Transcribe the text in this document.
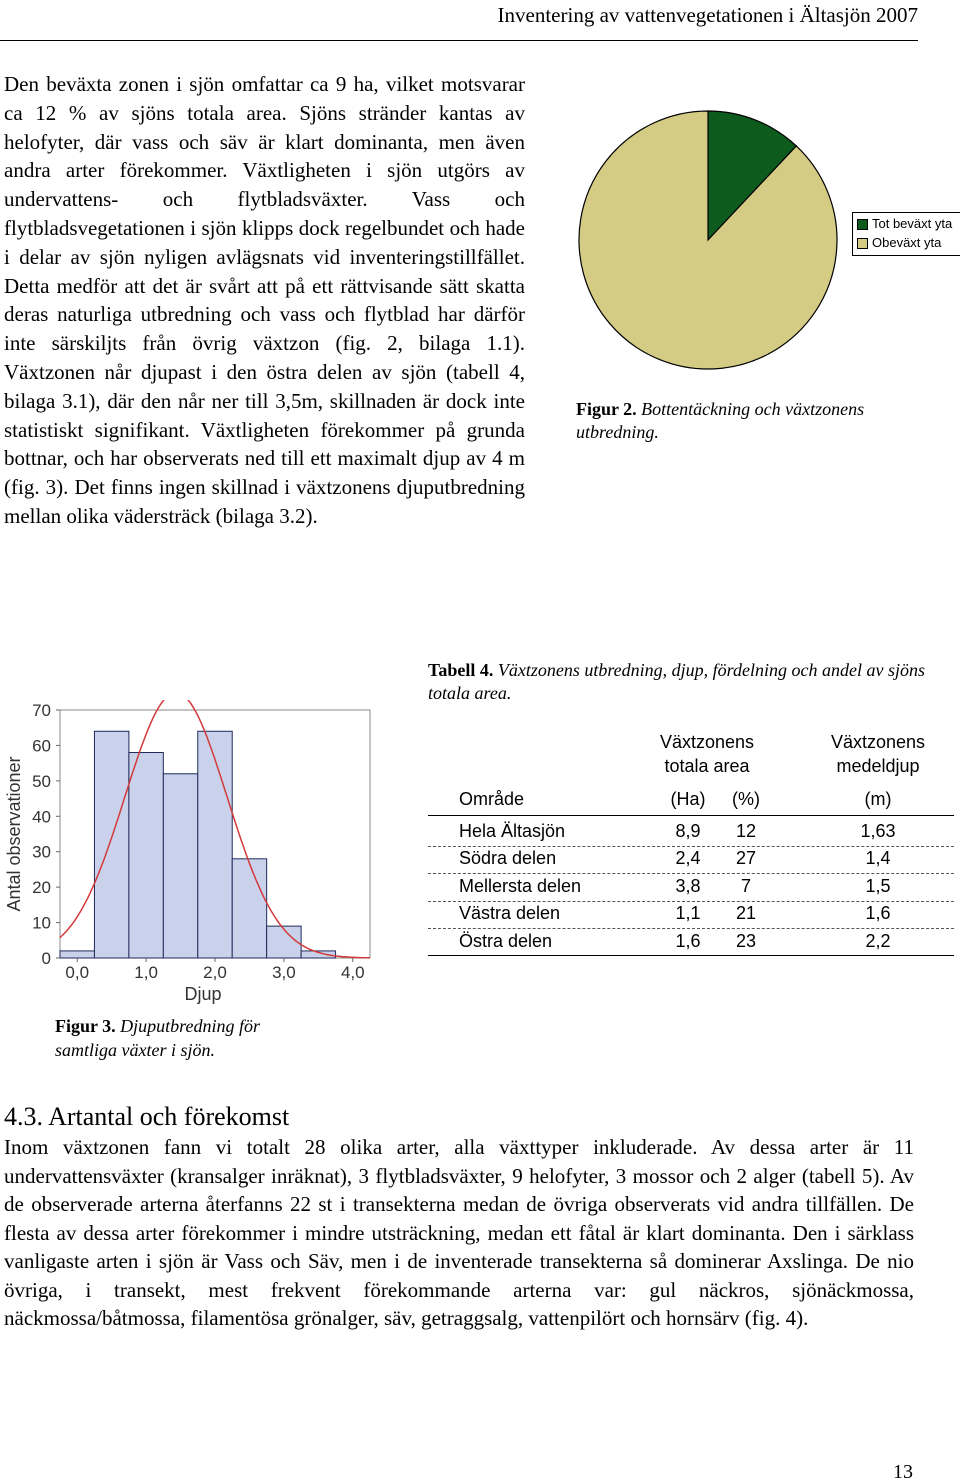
Inventering av vattenvegetationen i Ältasjön 2007
Den beväxta zonen i sjön omfattar ca 9 ha, vilket motsvarar ca 12 % av sjöns totala area. Sjöns stränder kantas av helofyter, där vass och säv är klart dominanta, men även andra arter förekommer. Växtligheten i sjön utgörs av undervattens- och flytbladsväxter. Vass och flytbladsvegetationen i sjön klipps dock regelbundet och hade i delar av sjön nyligen avlägsnats vid inventeringstillfället. Detta medför att det är svårt att på ett rättvisande sätt skatta deras naturliga utbredning och vass och flytblad har därför inte särskiljts från övrig växtzon (fig. 2, bilaga 1.1). Växtzonen når djupast i den östra delen av sjön (tabell 4, bilaga 3.1), där den når ner till 3,5m, skillnaden är dock inte statistiskt signifikant. Växtligheten förekommer på grunda bottnar, och har observerats ned till ett maximalt djup av 4 m (fig. 3). Det finns ingen skillnad i växtzonens djuputbredning mellan olika vädersträck (bilaga 3.2).
Tot beväxt yta
Obeväxt yta
Figur 2. Bottentäckning och växtzonens utbredning.
0
10
20
30
40
50
60
70
0,0	1,0	2,0	3,0	4,0
Djup
Antal observationer
Figur 3. Djuputbredning för samtliga växter i sjön.
Tabell 4. Växtzonens utbredning, djup, fördelning och andel av sjöns totala area.
Växtzonens
totala area
Växtzonens
medeldjup
Område	(Ha)	(%)	(m)
Hela Ältasjön	8,9	12	1,63
Södra delen	2,4	27	1,4
Mellersta delen	3,8	7	1,5
Västra delen	1,1	21	1,6
Östra delen	1,6	23	2,2
4.3. Artantal och förekomst
Inom växtzonen fann vi totalt 28 olika arter, alla växttyper inkluderade. Av dessa arter är 11 undervattensväxter (kransalger inräknat), 3 flytbladsväxter, 9 helofyter, 3 mossor och 2 alger (tabell 5). Av de observerade arterna återfanns 22 st i transekterna medan de övriga observerats vid andra tillfällen. De flesta av dessa arter förekommer i mindre utsträckning, medan ett fåtal är klart dominanta. Den i särklass vanligaste arten i sjön är Vass och Säv, men i de inventerade transekterna så dominerar Axslinga. De nio övriga, i transekt, mest frekvent förekommande arterna var: gul näckros, sjönäckmossa, näckmossa/båtmossa, filamentösa grönalger, säv, getraggsalg, vattenpilört och hornsärv (fig. 4).
13
